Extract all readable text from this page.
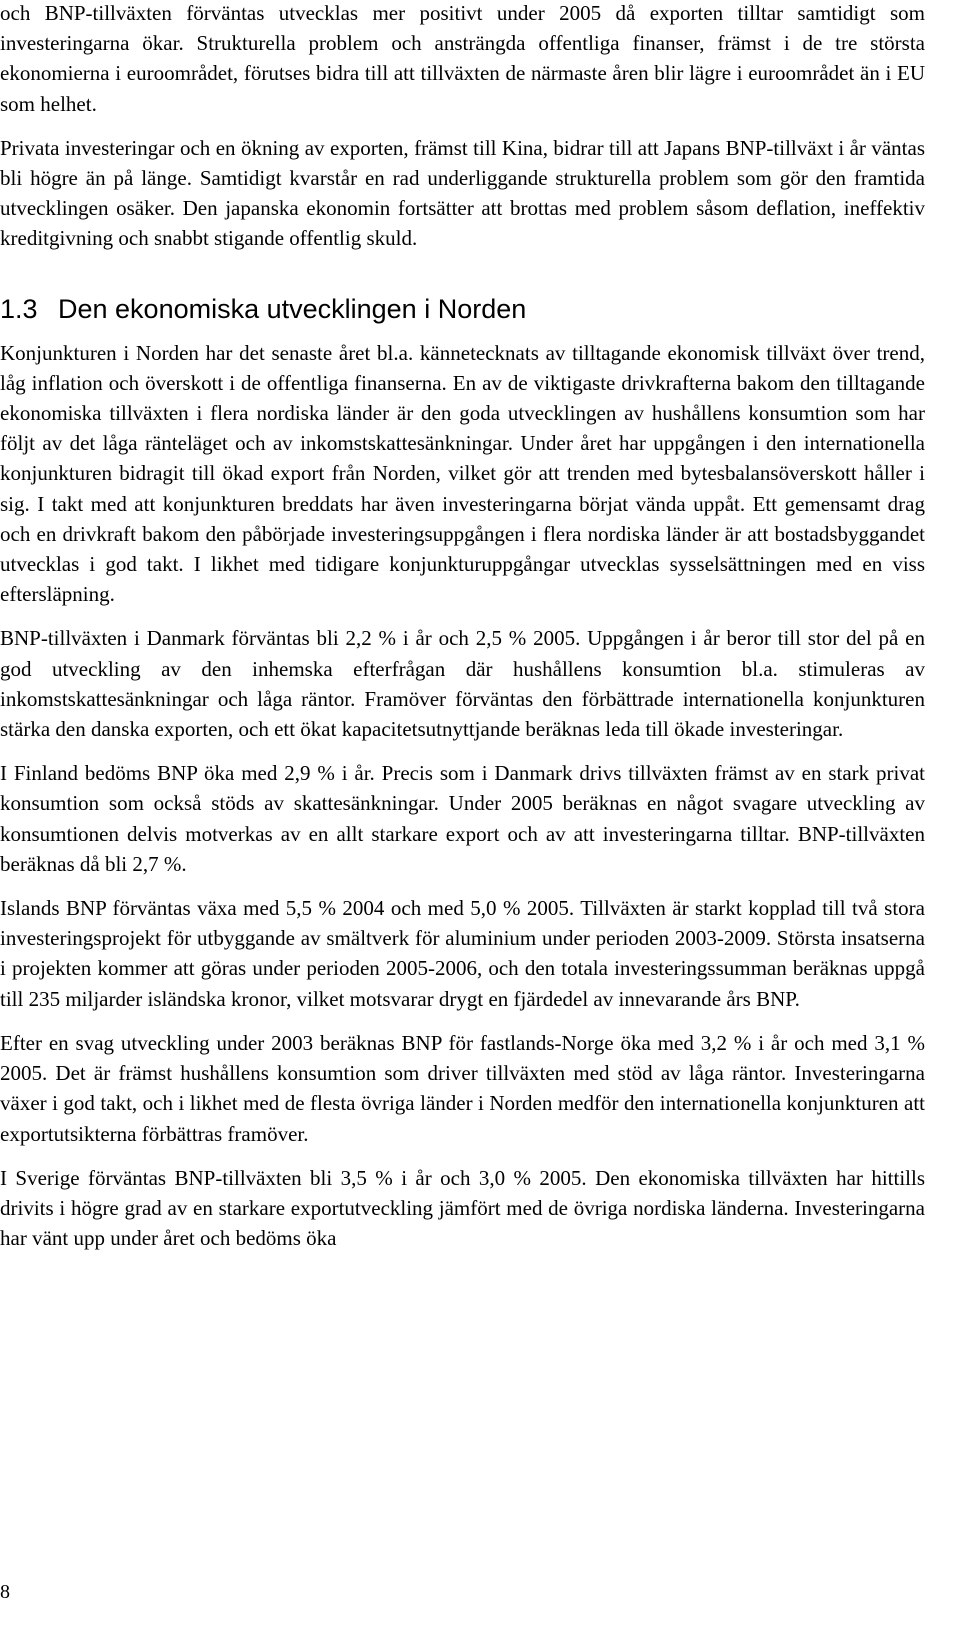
och BNP-tillväxten förväntas utvecklas mer positivt under 2005 då exporten tilltar samtidigt som investeringarna ökar. Strukturella problem och ansträngda offentliga finanser, främst i de tre största ekonomierna i euroområdet, förutses bidra till att tillväxten de närmaste åren blir lägre i euroområdet än i EU som helhet.

Privata investeringar och en ökning av exporten, främst till Kina, bidrar till att Japans BNP-tillväxt i år väntas bli högre än på länge. Samtidigt kvarstår en rad underliggande strukturella problem som gör den framtida utvecklingen osäker. Den japanska ekonomin fortsätter att brottas med problem såsom deflation, ineffektiv kreditgivning och snabbt stigande offentlig skuld.

1.3 Den ekonomiska utvecklingen i Norden

Konjunkturen i Norden har det senaste året bl.a. kännetecknats av tilltagande ekonomisk tillväxt över trend, låg inflation och överskott i de offentliga finanserna. En av de viktigaste drivkrafterna bakom den tilltagande ekonomiska tillväxten i flera nordiska länder är den goda utvecklingen av hushållens konsumtion som har följt av det låga ränteläget och av inkomstskattesänkningar. Under året har uppgången i den internationella konjunkturen bidragit till ökad export från Norden, vilket gör att trenden med bytesbalansöverskott håller i sig. I takt med att konjunkturen breddats har även investeringarna börjat vända uppåt. Ett gemensamt drag och en drivkraft bakom den påbörjade investeringsuppgången i flera nordiska länder är att bostadsbyggandet utvecklas i god takt. I likhet med tidigare konjunkturuppgångar utvecklas sysselsättningen med en viss eftersläpning.

BNP-tillväxten i Danmark förväntas bli 2,2 % i år och 2,5 % 2005. Uppgången i år beror till stor del på en god utveckling av den inhemska efterfrågan där hushållens konsumtion bl.a. stimuleras av inkomstskattesänkningar och låga räntor. Framöver förväntas den förbättrade internationella konjunkturen stärka den danska exporten, och ett ökat kapacitetsutnyttjande beräknas leda till ökade investeringar.

I Finland bedöms BNP öka med 2,9 % i år. Precis som i Danmark drivs tillväxten främst av en stark privat konsumtion som också stöds av skattesänkningar. Under 2005 beräknas en något svagare utveckling av konsumtionen delvis motverkas av en allt starkare export och av att investeringarna tilltar. BNP-tillväxten beräknas då bli 2,7 %.

Islands BNP förväntas växa med 5,5 % 2004 och med 5,0 % 2005. Tillväxten är starkt kopplad till två stora investeringsprojekt för utbyggande av smältverk för aluminium under perioden 2003-2009. Största insatserna i projekten kommer att göras under perioden 2005-2006, och den totala investeringssumman beräknas uppgå till 235 miljarder isländska kronor, vilket motsvarar drygt en fjärdedel av innevarande års BNP.

Efter en svag utveckling under 2003 beräknas BNP för fastlands-Norge öka med 3,2 % i år och med 3,1 % 2005. Det är främst hushållens konsumtion som driver tillväxten med stöd av låga räntor. Investeringarna växer i god takt, och i likhet med de flesta övriga länder i Norden medför den internationella konjunkturen att exportutsikterna förbättras framöver.

I Sverige förväntas BNP-tillväxten bli 3,5 % i år och 3,0 % 2005. Den ekonomiska tillväxten har hittills drivits i högre grad av en starkare exportutveckling jämfört med de övriga nordiska länderna. Investeringarna har vänt upp under året och bedöms öka

8
